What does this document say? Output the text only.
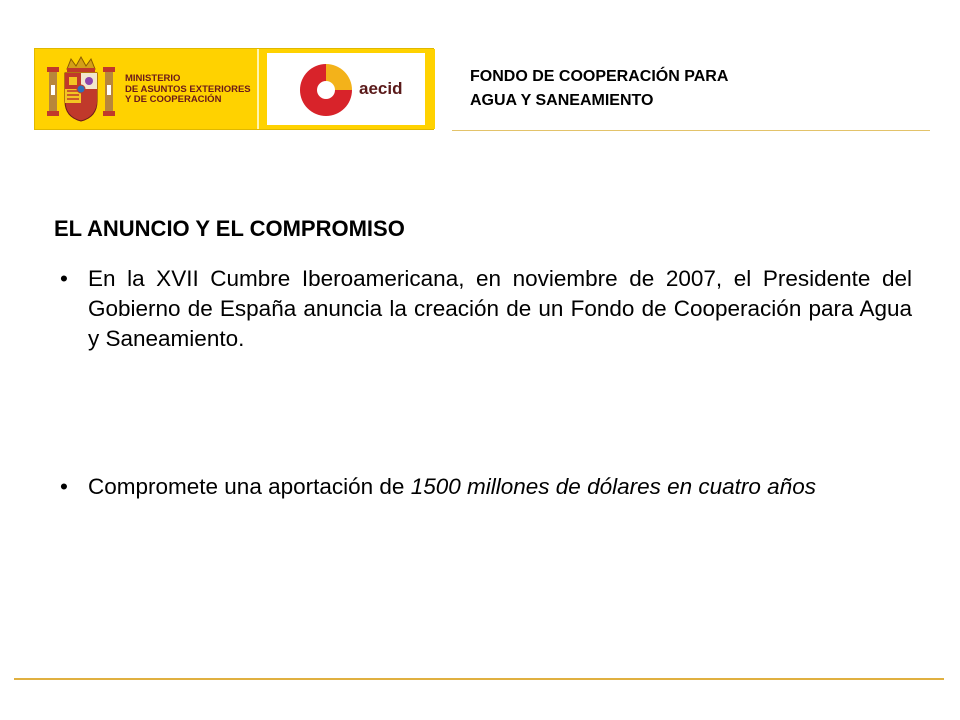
MINISTERIO
DE ASUNTOS EXTERIORES
Y DE COOPERACIÓN
aecid
FONDO DE COOPERACIÓN PARA
AGUA Y SANEAMIENTO
EL ANUNCIO Y EL COMPROMISO
• En la XVII Cumbre Iberoamericana, en noviembre de 2007, el Presidente del Gobierno de España anuncia la creación de un Fondo de Cooperación para Agua y Saneamiento.
• Compromete una aportación de 1500 millones de dólares en cuatro años
